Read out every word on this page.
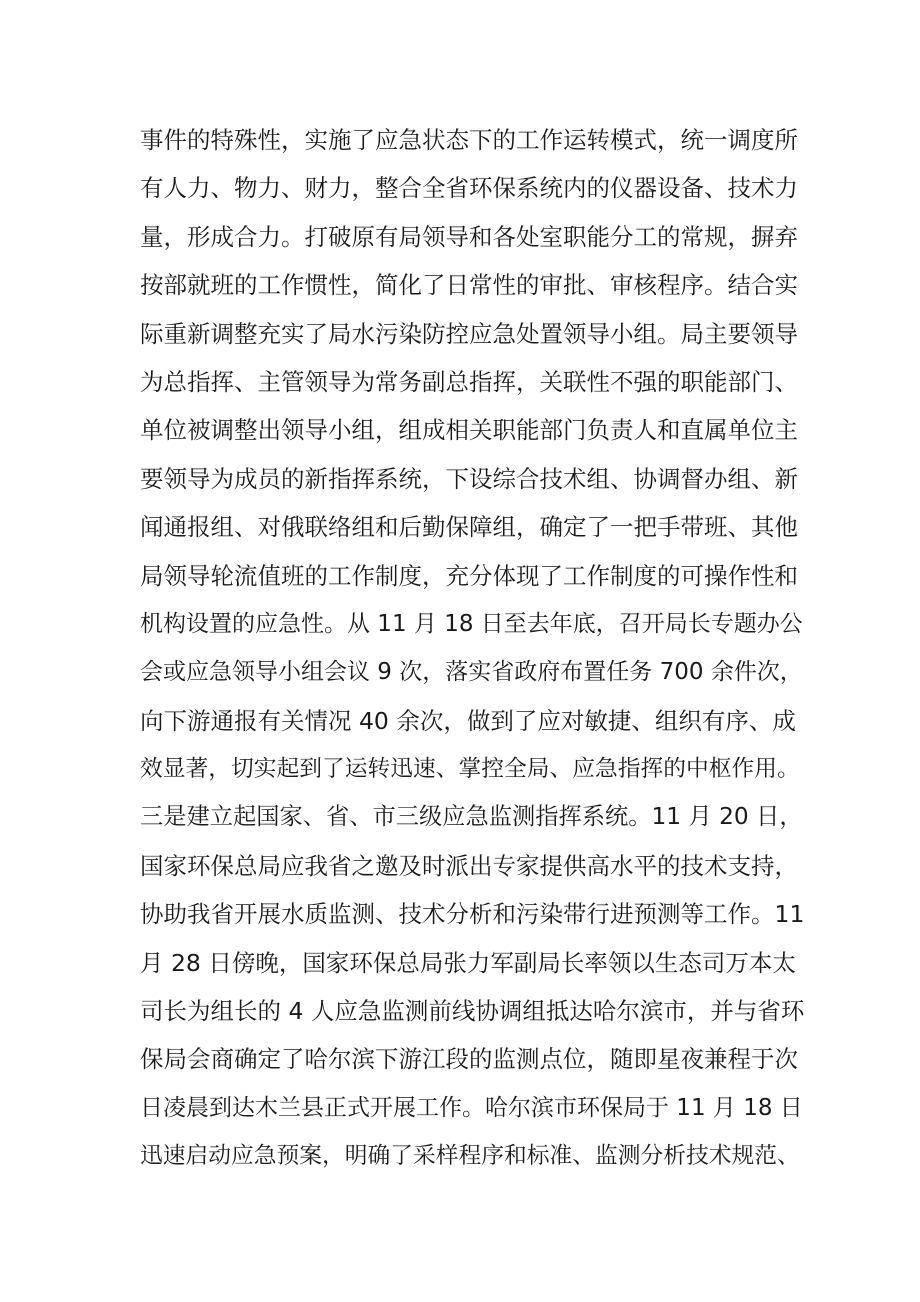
事件的特殊性，实施了应急状态下的工作运转模式，统一调度所
有人力、物力、财力，整合全省环保系统内的仪器设备、技术力
量，形成合力。打破原有局领导和各处室职能分工的常规，摒弃
按部就班的工作惯性，简化了日常性的审批、审核程序。结合实
际重新调整充实了局水污染防控应急处置领导小组。局主要领导
为总指挥、主管领导为常务副总指挥，关联性不强的职能部门、
单位被调整出领导小组，组成相关职能部门负责人和直属单位主
要领导为成员的新指挥系统，下设综合技术组、协调督办组、新
闻通报组、对俄联络组和后勤保障组，确定了一把手带班、其他
局领导轮流值班的工作制度，充分体现了工作制度的可操作性和
机构设置的应急性。从 11 月 18 日至去年底，召开局长专题办公
会或应急领导小组会议 9 次，落实省政府布置任务 700 余件次，
向下游通报有关情况 40 余次，做到了应对敏捷、组织有序、成
效显著，切实起到了运转迅速、掌控全局、应急指挥的中枢作用。
三是建立起国家、省、市三级应急监测指挥系统。11 月 20 日，
国家环保总局应我省之邀及时派出专家提供高水平的技术支持，
协助我省开展水质监测、技术分析和污染带行进预测等工作。11
月 28 日傍晚，国家环保总局张力军副局长率领以生态司万本太
司长为组长的 4 人应急监测前线协调组抵达哈尔滨市，并与省环
保局会商确定了哈尔滨下游江段的监测点位，随即星夜兼程于次
日凌晨到达木兰县正式开展工作。哈尔滨市环保局于 11 月 18 日
迅速启动应急预案，明确了采样程序和标准、监测分析技术规范、
